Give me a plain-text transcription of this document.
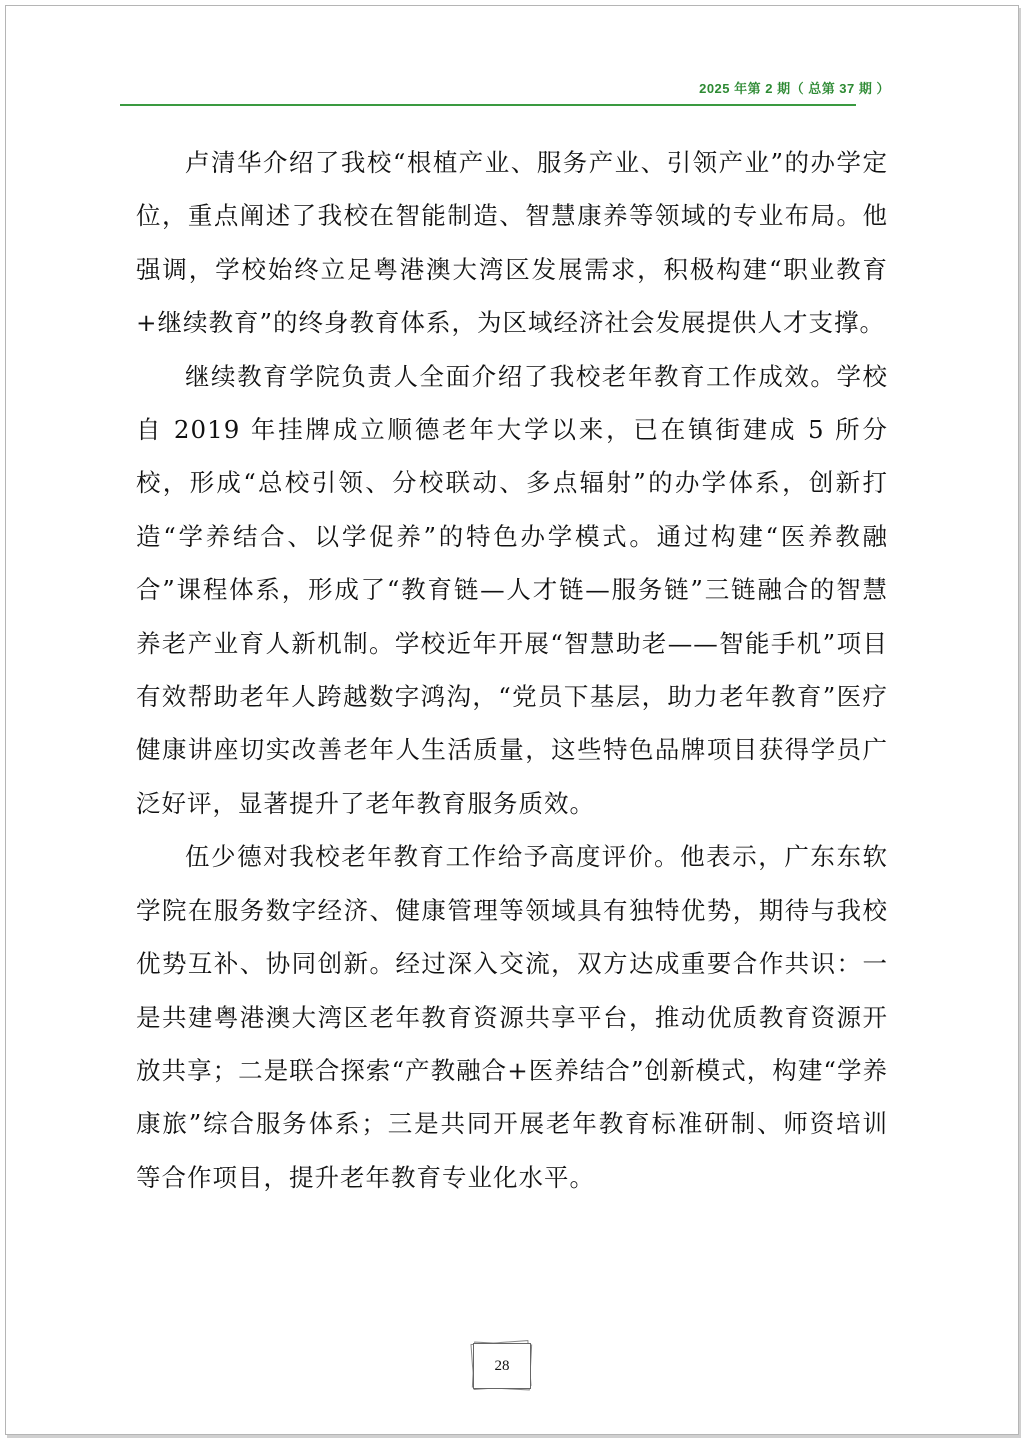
2025 年第 2 期（ 总第 37 期 ）

卢清华介绍了我校“根植产业、服务产业、引领产业”的办学定位，重点阐述了我校在智能制造、智慧康养等领域的专业布局。他强调，学校始终立足粤港澳大湾区发展需求，积极构建“职业教育+继续教育”的终身教育体系，为区域经济社会发展提供人才支撑。

继续教育学院负责人全面介绍了我校老年教育工作成效。学校自 2019 年挂牌成立顺德老年大学以来，已在镇街建成 5 所分校，形成“总校引领、分校联动、多点辐射”的办学体系，创新打造“学养结合、以学促养”的特色办学模式。通过构建“医养教融合”课程体系，形成了“教育链—人才链—服务链”三链融合的智慧养老产业育人新机制。学校近年开展“智慧助老——智能手机”项目有效帮助老年人跨越数字鸿沟，“党员下基层，助力老年教育”医疗健康讲座切实改善老年人生活质量，这些特色品牌项目获得学员广泛好评，显著提升了老年教育服务质效。

伍少德对我校老年教育工作给予高度评价。他表示，广东东软学院在服务数字经济、健康管理等领域具有独特优势，期待与我校优势互补、协同创新。经过深入交流，双方达成重要合作共识：一是共建粤港澳大湾区老年教育资源共享平台，推动优质教育资源开放共享；二是联合探索“产教融合+医养结合”创新模式，构建“学养康旅”综合服务体系；三是共同开展老年教育标准研制、师资培训等合作项目，提升老年教育专业化水平。

28
